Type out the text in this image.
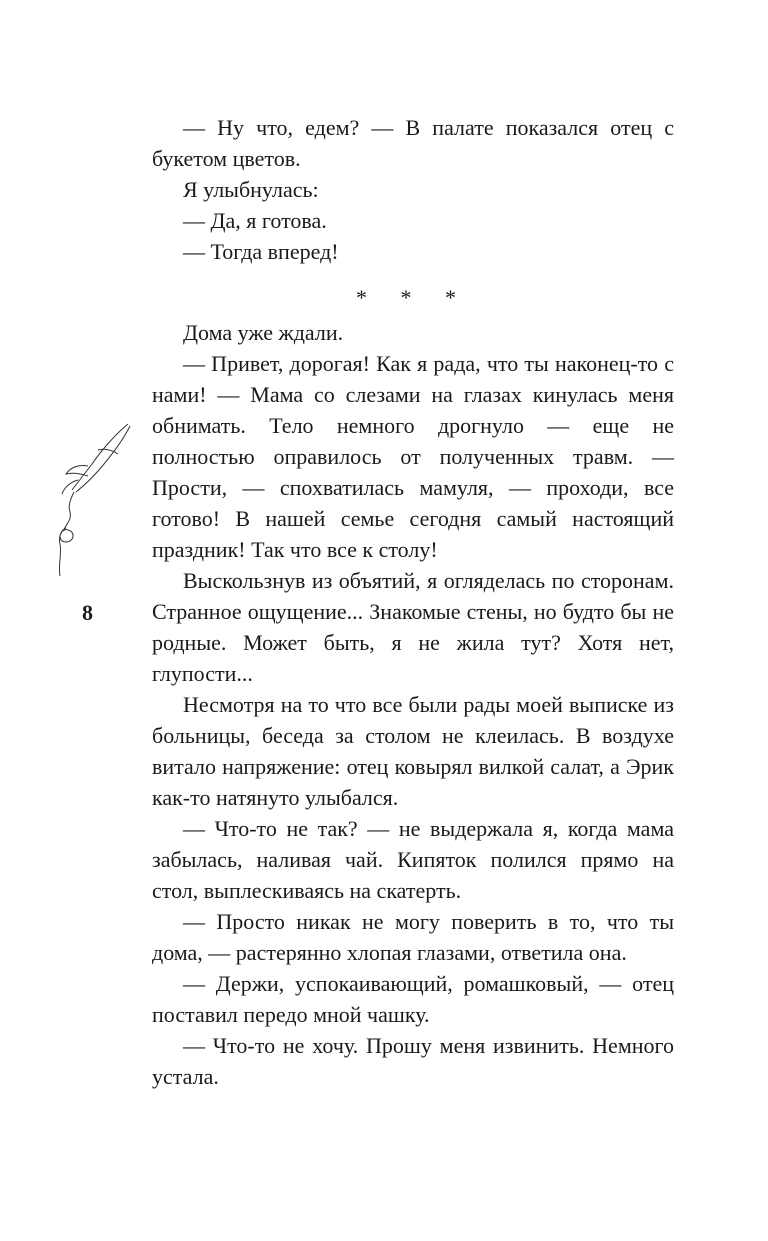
8

— Ну что, едем? — В палате показался отец с букетом цветов.

Я улыбнулась:

— Да, я готова.

— Тогда вперед!

* * *

Дома уже ждали.

— Привет, дорогая! Как я рада, что ты наконец-то с нами! — Мама со слезами на глазах кинулась меня обнимать. Тело немного дрогнуло — еще не полностью оправилось от полученных травм. — Прости, — спохватилась мамуля, — проходи, все готово! В нашей семье сегодня самый настоящий праздник! Так что все к столу!

Выскользнув из объятий, я огляделась по сторонам. Странное ощущение... Знакомые стены, но будто бы не родные. Может быть, я не жила тут? Хотя нет, глупости...

Несмотря на то что все были рады моей выписке из больницы, беседа за столом не клеилась. В воздухе витало напряжение: отец ковырял вилкой салат, а Эрик как-то натянуто улыбался.

— Что-то не так? — не выдержала я, когда мама забылась, наливая чай. Кипяток полился прямо на стол, выплескиваясь на скатерть.

— Просто никак не могу поверить в то, что ты дома, — растерянно хлопая глазами, ответила она.

— Держи, успокаивающий, ромашковый, — отец поставил передо мной чашку.

— Что-то не хочу. Прошу меня извинить. Немного устала.
